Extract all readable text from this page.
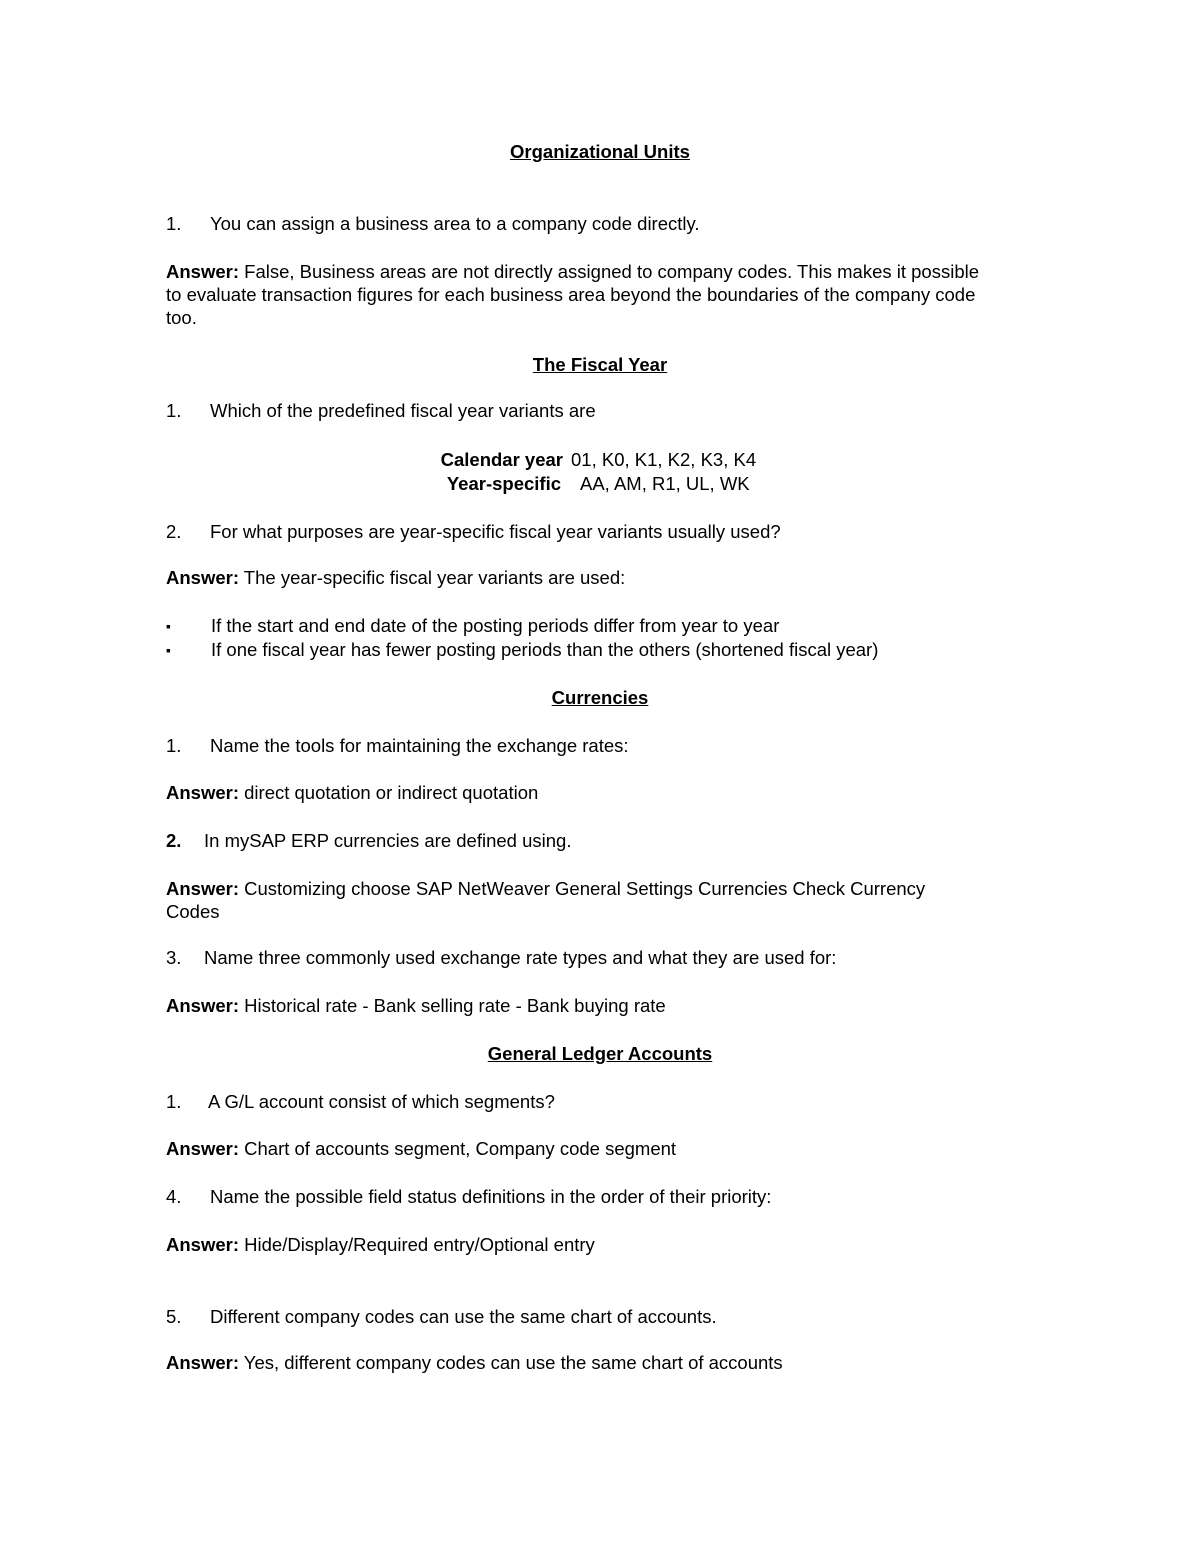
Organizational Units
1. You can assign a business area to a company code directly.
Answer: False, Business areas are not directly assigned to company codes. This makes it possible
to evaluate transaction figures for each business area beyond the boundaries of the company code
too.
The Fiscal Year
1. Which of the predefined fiscal year variants are
Calendar year 01, K0, K1, K2, K3, K4
Year-specific AA, AM, R1, UL, WK
2. For what purposes are year-specific fiscal year variants usually used?
Answer: The year-specific fiscal year variants are used:
▪ If the start and end date of the posting periods differ from year to year
▪ If one fiscal year has fewer posting periods than the others (shortened fiscal year)
Currencies
1. Name the tools for maintaining the exchange rates:
Answer: direct quotation or indirect quotation
2. In mySAP ERP currencies are defined using.
Answer: Customizing choose SAP NetWeaver General Settings Currencies Check Currency
Codes
3. Name three commonly used exchange rate types and what they are used for:
Answer: Historical rate - Bank selling rate - Bank buying rate
General Ledger Accounts
1. A G/L account consist of which segments?
Answer: Chart of accounts segment, Company code segment
4. Name the possible field status definitions in the order of their priority:
Answer: Hide/Display/Required entry/Optional entry
5. Different company codes can use the same chart of accounts.
Answer: Yes, different company codes can use the same chart of accounts
